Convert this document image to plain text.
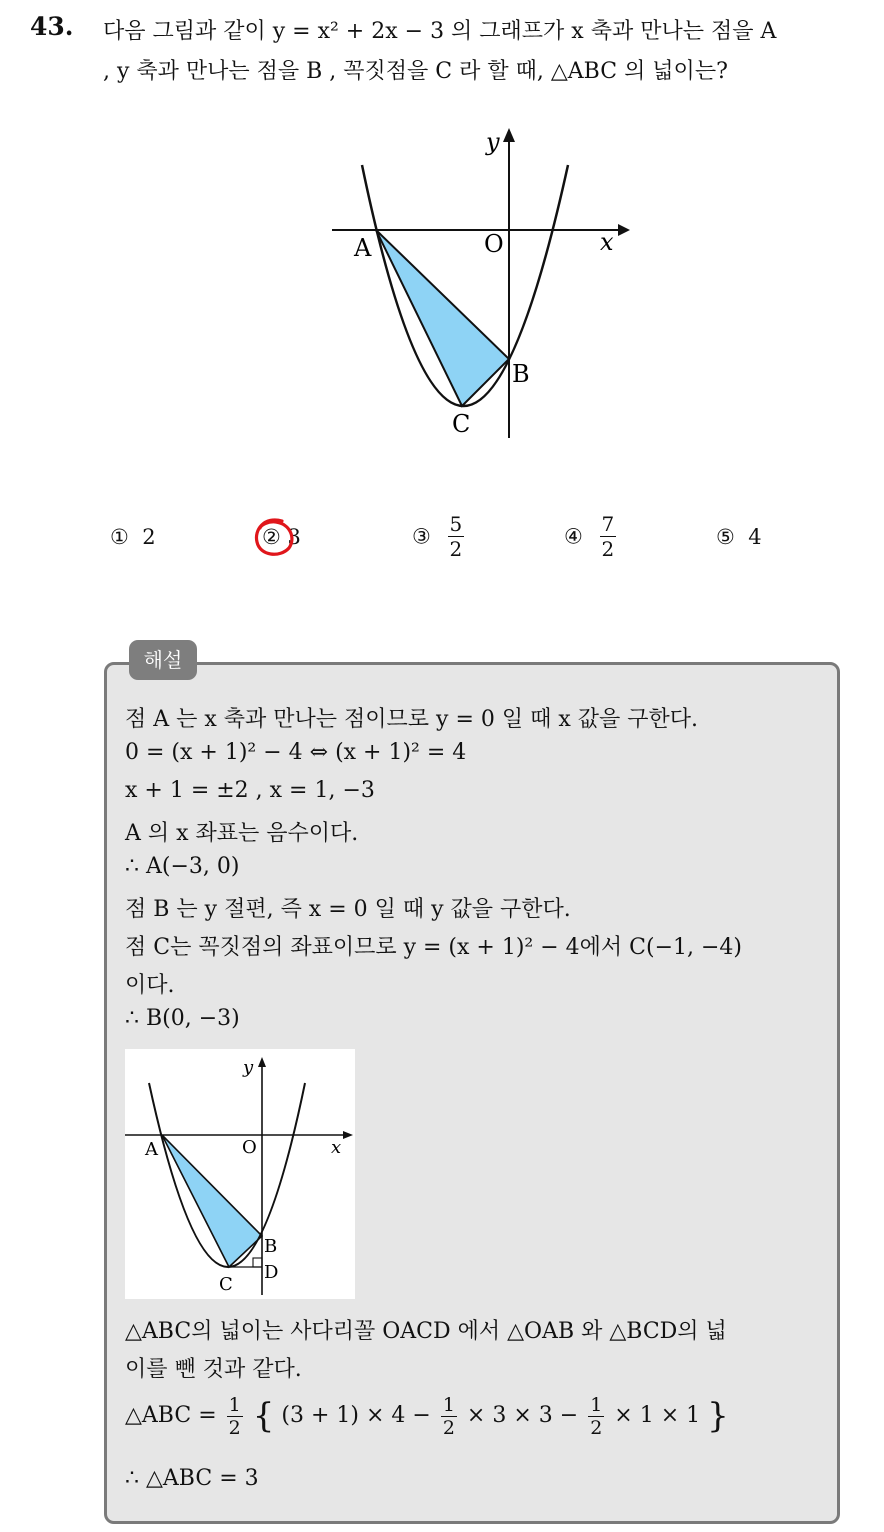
43. 다음 그림과 같이 y = x² + 2x − 3 의 그래프가 x 축과 만나는 점을 A
, y 축과 만나는 점을 B , 꼭짓점을 C 라 할 때, △ABC 의 넓이는?
y
x
O
A
B
C
① 2	② 3	③ $\frac{5}{2}$	④ $\frac{7}{2}$	⑤ 4
해설
점 A 는 x 축과 만나는 점이므로 y = 0 일 때 x 값을 구한다.
0 = (x + 1)² − 4 ⇔ (x + 1)² = 4
x + 1 = ±2 , x = 1, −3
A 의 x 좌표는 음수이다.
∴ A(−3, 0)
점 B 는 y 절편, 즉 x = 0 일 때 y 값을 구한다.
점 C는 꼭짓점의 좌표이므로 y = (x + 1)² − 4에서 C(−1, −4)
이다.
∴ B(0, −3)
y
x
O
A
B
D
C
△ABC의 넓이는 사다리꼴 OACD 에서 △OAB 와 △BCD의 넓
이를 뺀 것과 같다.
△ABC = $\frac{1}{2}$ { $(3 + 1) \times 4 - \frac{1}{2} \times 3 \times 3 - \frac{1}{2} \times 1 \times 1$ }
∴ △ABC = 3
